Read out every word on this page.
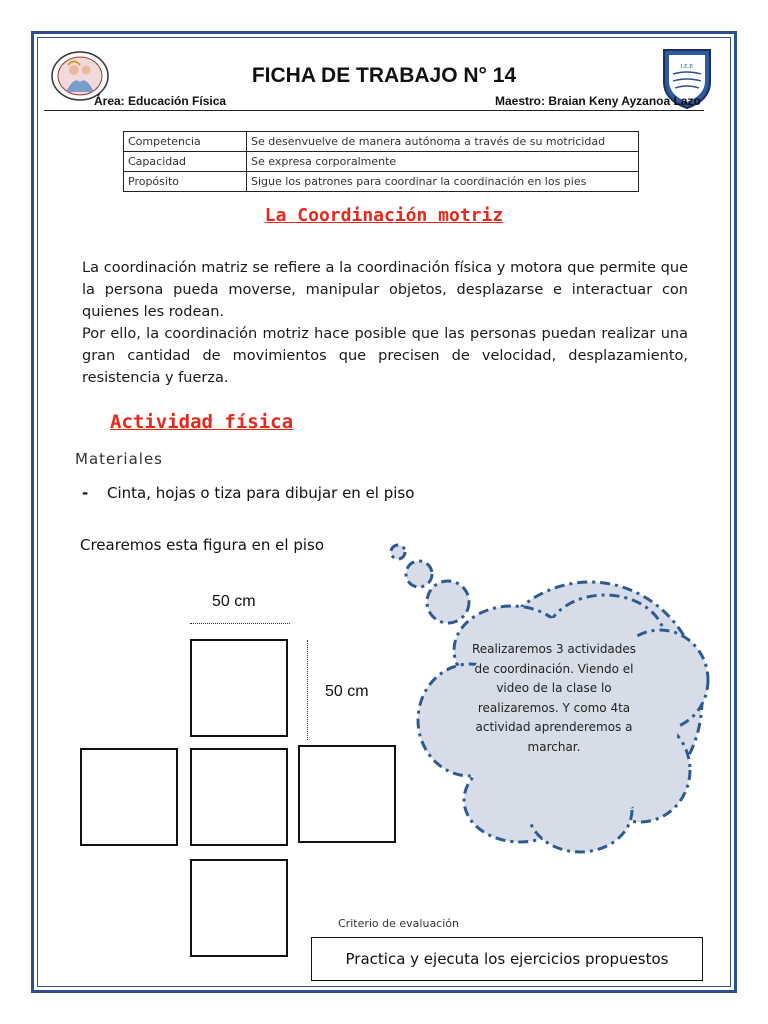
I.E.P.
FICHA DE TRABAJO N° 14
Área: Educación Física	Maestro: Braian Keny Ayzanoa Lazo
Competencia	Se desenvuelve de manera autónoma a través de su motricidad
Capacidad	Se expresa corporalmente
Propósito	Sigue los patrones para coordinar la coordinación en los pies
La Coordinación motriz

La coordinación matriz se refiere a la coordinación física y motora que permite que la persona pueda moverse, manipular objetos, desplazarse e interactuar con quienes les rodean.

Por ello, la coordinación motriz hace posible que las personas puedan realizar una gran cantidad de movimientos que precisen de velocidad, desplazamiento, resistencia y fuerza.

Actividad física
Materiales
- Cinta, hojas o tiza para dibujar en el piso
Crearemos esta figura en el piso
50 cm
50 cm
Realizaremos 3 actividades de coordinación. Viendo el video de la clase lo realizaremos. Y como 4ta actividad aprenderemos a marchar.
Criterio de evaluación
Practica y ejecuta los ejercicios propuestos
